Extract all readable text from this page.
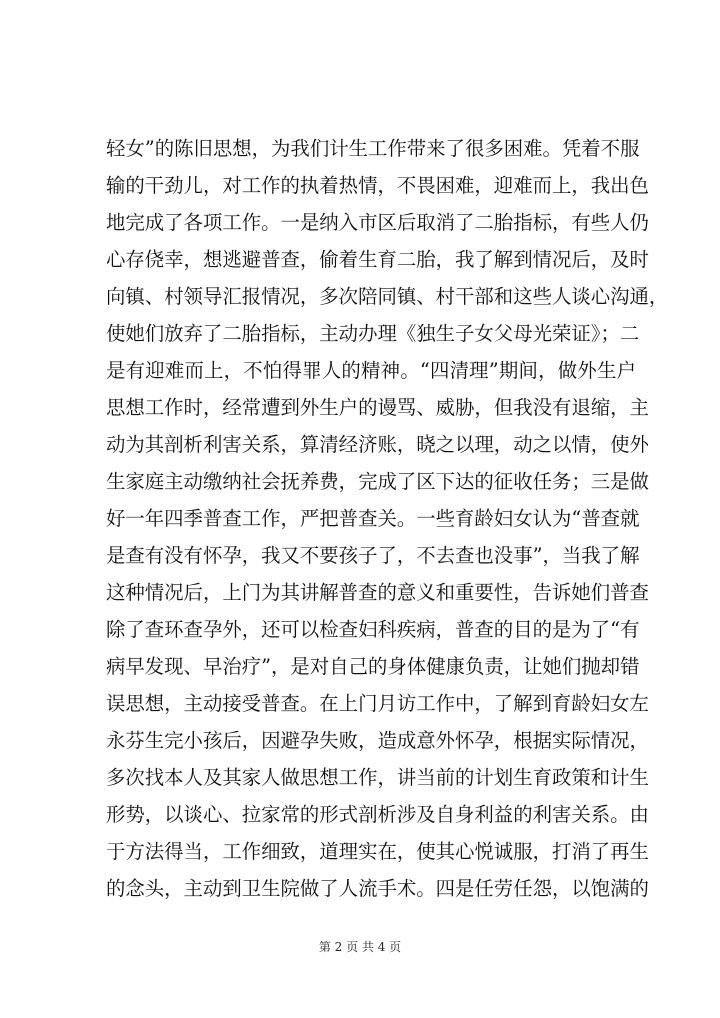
轻女”的陈旧思想，为我们计生工作带来了很多困难。凭着不服
输的干劲儿，对工作的执着热情，不畏困难，迎难而上，我出色
地完成了各项工作。一是纳入市区后取消了二胎指标，有些人仍
心存侥幸，想逃避普查，偷着生育二胎，我了解到情况后，及时
向镇、村领导汇报情况，多次陪同镇、村干部和这些人谈心沟通，
使她们放弃了二胎指标，主动办理《独生子女父母光荣证》；二
是有迎难而上，不怕得罪人的精神。“四清理”期间，做外生户
思想工作时，经常遭到外生户的谩骂、威胁，但我没有退缩，主
动为其剖析利害关系，算清经济账，晓之以理，动之以情，使外
生家庭主动缴纳社会抚养费，完成了区下达的征收任务；三是做
好一年四季普查工作，严把普查关。一些育龄妇女认为“普查就
是查有没有怀孕，我又不要孩子了，不去查也没事”，当我了解
这种情况后，上门为其讲解普查的意义和重要性，告诉她们普查
除了查环查孕外，还可以检查妇科疾病，普查的目的是为了“有
病早发现、早治疗”，是对自己的身体健康负责，让她们抛却错
误思想，主动接受普查。在上门月访工作中，了解到育龄妇女左
永芬生完小孩后，因避孕失败，造成意外怀孕，根据实际情况，
多次找本人及其家人做思想工作，讲当前的计划生育政策和计生
形势，以谈心、拉家常的形式剖析涉及自身利益的利害关系。由
于方法得当，工作细致，道理实在，使其心悦诚服，打消了再生
的念头，主动到卫生院做了人流手术。四是任劳任怨，以饱满的
第 2 页 共 4 页
